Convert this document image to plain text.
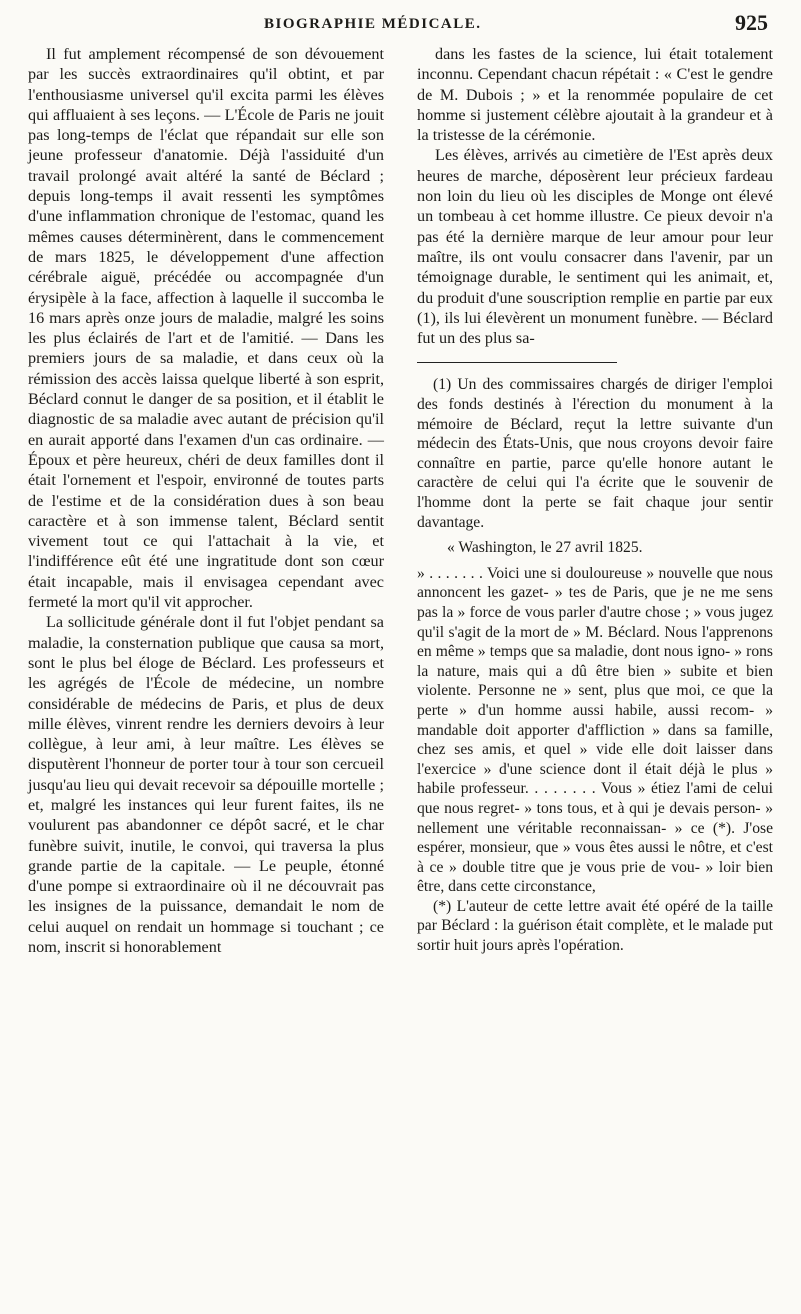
BIOGRAPHIE MÉDICALE.	925

Il fut amplement récompensé de son dévouement par les succès extraordinaires qu'il obtint, et par l'enthousiasme universel qu'il excita parmi les élèves qui affluaient à ses leçons. — L'École de Paris ne jouit pas long-temps de l'éclat que répandait sur elle son jeune professeur d'anatomie. Déjà l'assiduité d'un travail prolongé avait altéré la santé de Béclard ; depuis long-temps il avait ressenti les symptômes d'une inflammation chronique de l'estomac, quand les mêmes causes déterminèrent, dans le commencement de mars 1825, le développement d'une affection cérébrale aiguë, précédée ou accompagnée d'un érysipèle à la face, affection à laquelle il succomba le 16 mars après onze jours de maladie, malgré les soins les plus éclairés de l'art et de l'amitié. — Dans les premiers jours de sa maladie, et dans ceux où la rémission des accès laissa quelque liberté à son esprit, Béclard connut le danger de sa position, et il établit le diagnostic de sa maladie avec autant de précision qu'il en aurait apporté dans l'examen d'un cas ordinaire. — Époux et père heureux, chéri de deux familles dont il était l'ornement et l'espoir, environné de toutes parts de l'estime et de la considération dues à son beau caractère et à son immense talent, Béclard sentit vivement tout ce qui l'attachait à la vie, et l'indifférence eût été une ingratitude dont son cœur était incapable, mais il envisagea cependant avec fermeté la mort qu'il vit approcher.

La sollicitude générale dont il fut l'objet pendant sa maladie, la consternation publique que causa sa mort, sont le plus bel éloge de Béclard. Les professeurs et les agrégés de l'École de médecine, un nombre considérable de médecins de Paris, et plus de deux mille élèves, vinrent rendre les derniers devoirs à leur collègue, à leur ami, à leur maître. Les élèves se disputèrent l'honneur de porter tour à tour son cercueil jusqu'au lieu qui devait recevoir sa dépouille mortelle ; et, malgré les instances qui leur furent faites, ils ne voulurent pas abandonner ce dépôt sacré, et le char funèbre suivit, inutile, le convoi, qui traversa la plus grande partie de la capitale. — Le peuple, étonné d'une pompe si extraordinaire où il ne découvrait pas les insignes de la puissance, demandait le nom de celui auquel on rendait un hommage si touchant ; ce nom, inscrit si honorablement

dans les fastes de la science, lui était totalement inconnu. Cependant chacun répétait : « C'est le gendre de M. Dubois ; » et la renommée populaire de cet homme si justement célèbre ajoutait à la grandeur et à la tristesse de la cérémonie.

Les élèves, arrivés au cimetière de l'Est après deux heures de marche, déposèrent leur précieux fardeau non loin du lieu où les disciples de Monge ont élevé un tombeau à cet homme illustre. Ce pieux devoir n'a pas été la dernière marque de leur amour pour leur maître, ils ont voulu consacrer dans l'avenir, par un témoignage durable, le sentiment qui les animait, et, du produit d'une souscription remplie en partie par eux (1), ils lui élevèrent un monument funèbre. — Béclard fut un des plus sa-

(1) Un des commissaires chargés de diriger l'emploi des fonds destinés à l'érection du monument à la mémoire de Béclard, reçut la lettre suivante d'un médecin des États-Unis, que nous croyons devoir faire connaître en partie, parce qu'elle honore autant le caractère de celui qui l'a écrite que le souvenir de l'homme dont la perte se fait chaque jour sentir davantage.

« Washington, le 27 avril 1825.

» . . . . . . . Voici une si douloureuse » nouvelle que nous annoncent les gazet- » tes de Paris, que je ne me sens pas la » force de vous parler d'autre chose ; » vous jugez qu'il s'agit de la mort de » M. Béclard. Nous l'apprenons en même » temps que sa maladie, dont nous igno- » rons la nature, mais qui a dû être bien » subite et bien violente. Personne ne » sent, plus que moi, ce que la perte » d'un homme aussi habile, aussi recom- » mandable doit apporter d'affliction » dans sa famille, chez ses amis, et quel » vide elle doit laisser dans l'exercice » d'une science dont il était déjà le plus » habile professeur. . . . . . . . Vous » étiez l'ami de celui que nous regret- » tons tous, et à qui je devais person- » nellement une véritable reconnaissan- » ce (*). J'ose espérer, monsieur, que » vous êtes aussi le nôtre, et c'est à ce » double titre que je vous prie de vou- » loir bien être, dans cette circonstance,

(*) L'auteur de cette lettre avait été opéré de la taille par Béclard : la guérison était complète, et le malade put sortir huit jours après l'opération.
